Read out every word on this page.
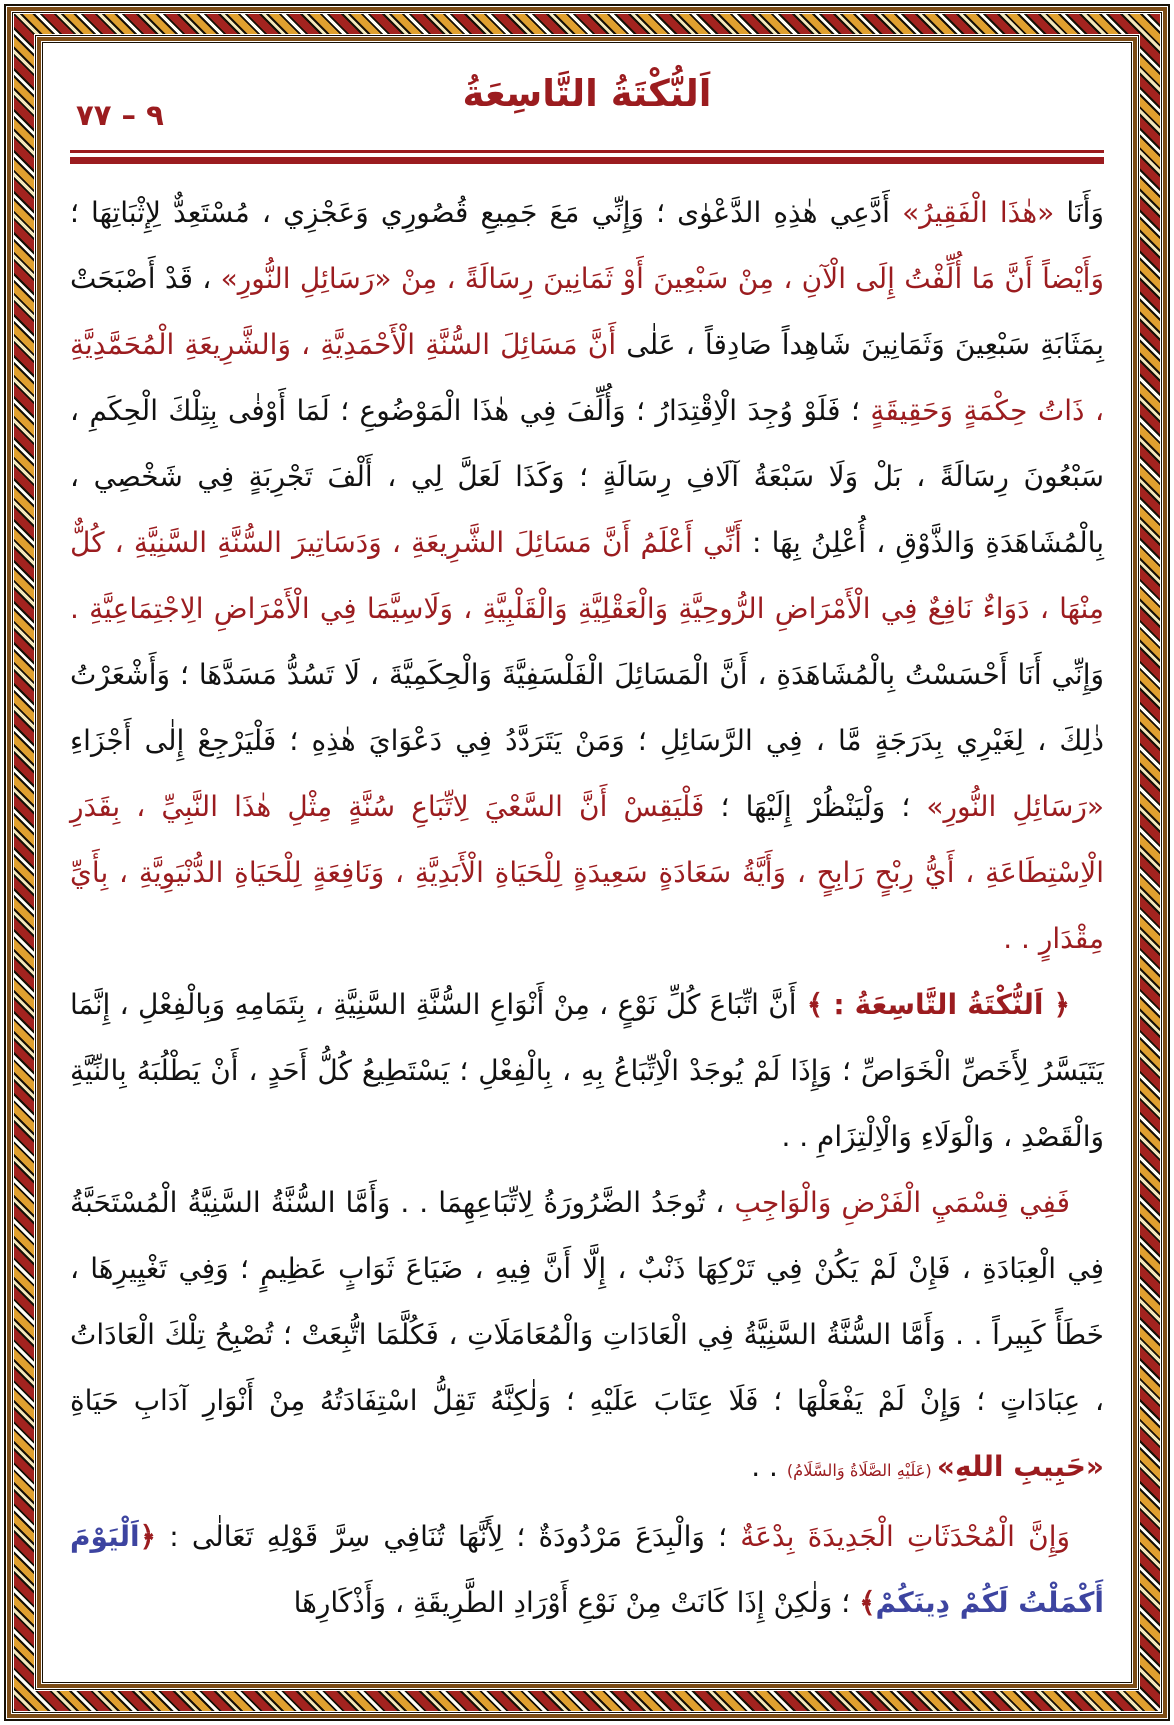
اَلنُّكْتَةُ التَّاسِعَةُ
٩ – ٧٧

وَأَنَا «هٰذَا الْفَقِيرُ» أَدَّعِي هٰذِهِ الدَّعْوٰى ؛ وَإِنِّي مَعَ جَمِيعِ قُصُورِي وَعَجْزِي ، مُسْتَعِدٌّ لِإِثْبَاتِهَا ؛ وَأَيْضاً أَنَّ مَا أُلِّفْتُ إِلَى الْآنِ ، مِنْ سَبْعِينَ أَوْ ثَمَانِينَ رِسَالَةً ، مِنْ «رَسَائِلِ النُّورِ» ، قَدْ أَصْبَحَتْ بِمَثَابَةِ سَبْعِينَ وَثَمَانِينَ شَاهِداً صَادِقاً ، عَلٰى أَنَّ مَسَائِلَ السُّنَّةِ الْأَحْمَدِيَّةِ ، وَالشَّرِيعَةِ الْمُحَمَّدِيَّةِ ، ذَاتُ حِكْمَةٍ وَحَقِيقَةٍ ؛ فَلَوْ وُجِدَ الْاِقْتِدَارُ ؛ وَأُلِّفَ فِي هٰذَا الْمَوْضُوعِ ؛ لَمَا أَوْفٰى بِتِلْكَ الْحِكَمِ ، سَبْعُونَ رِسَالَةً ، بَلْ وَلَا سَبْعَةُ آلَافِ رِسَالَةٍ ؛ وَكَذَا لَعَلَّ لِي ، أَلْفَ تَجْرِبَةٍ فِي شَخْصِي ، بِالْمُشَاهَدَةِ وَالذَّوْقِ ، أُعْلِنُ بِهَا : أَنِّي أَعْلَمُ أَنَّ مَسَائِلَ الشَّرِيعَةِ ، وَدَسَاتِيرَ السُّنَّةِ السَّنِيَّةِ ، كُلٌّ مِنْهَا ، دَوَاءٌ نَافِعٌ فِي الْأَمْرَاضِ الرُّوحِيَّةِ وَالْعَقْلِيَّةِ وَالْقَلْبِيَّةِ ، وَلَاسِيَّمَا فِي الْأَمْرَاضِ الِاجْتِمَاعِيَّةِ . وَإِنِّي أَنَا أَحْسَسْتُ بِالْمُشَاهَدَةِ ، أَنَّ الْمَسَائِلَ الْفَلْسَفِيَّةَ وَالْحِكَمِيَّةَ ، لَا تَسُدُّ مَسَدَّهَا ؛ وَأَشْعَرْتُ ذٰلِكَ ، لِغَيْرِي بِدَرَجَةٍ مَّا ، فِي الرَّسَائِلِ ؛ وَمَنْ يَتَرَدَّدُ فِي دَعْوَايَ هٰذِهِ ؛ فَلْيَرْجِعْ إِلٰى أَجْزَاءِ «رَسَائِلِ النُّورِ» ؛ وَلْيَنْظُرْ إِلَيْهَا ؛ فَلْيَقِسْ أَنَّ السَّعْيَ لِاتِّبَاعِ سُنَّةٍ مِثْلِ هٰذَا النَّبِيِّ ، بِقَدَرِ الْاِسْتِطَاعَةِ ، أَيُّ رِبْحٍ رَابِحٍ ، وَأَيَّةُ سَعَادَةٍ سَعِيدَةٍ لِلْحَيَاةِ الْأَبَدِيَّةِ ، وَنَافِعَةٍ لِلْحَيَاةِ الدُّنْيَوِيَّةِ ، بِأَيِّ مِقْدَارٍ . .

﴿ اَلنُّكْتَةُ التَّاسِعَةُ : ﴾ أَنَّ اتِّبَاعَ كُلِّ نَوْعٍ ، مِنْ أَنْوَاعِ السُّنَّةِ السَّنِيَّةِ ، بِتَمَامِهِ وَبِالْفِعْلِ ، إِنَّمَا يَتَيَسَّرُ لِأَخَصِّ الْخَوَاصِّ ؛ وَإِذَا لَمْ يُوجَدْ الْاِتِّبَاعُ بِهِ ، بِالْفِعْلِ ؛ يَسْتَطِيعُ كُلُّ أَحَدٍ ، أَنْ يَطْلُبَهُ بِالنِّيَّةِ وَالْقَصْدِ ، وَالْوَلَاءِ وَالْاِلْتِزَامِ . .

فَفِي قِسْمَيِ الْفَرْضِ وَالْوَاجِبِ ، تُوجَدُ الضَّرُورَةُ لِاتِّبَاعِهِمَا . . وَأَمَّا السُّنَّةُ السَّنِيَّةُ الْمُسْتَحَبَّةُ فِي الْعِبَادَةِ ، فَإِنْ لَمْ يَكُنْ فِي تَرْكِهَا ذَنْبٌ ، إِلَّا أَنَّ فِيهِ ، ضَيَاعَ ثَوَابٍ عَظِيمٍ ؛ وَفِي تَغْيِيرِهَا ، خَطَأً كَبِيراً . . وَأَمَّا السُّنَّةُ السَّنِيَّةُ فِي الْعَادَاتِ وَالْمُعَامَلَاتِ ، فَكُلَّمَا اتُّبِعَتْ ؛ تُصْبِحُ تِلْكَ الْعَادَاتُ ، عِبَادَاتٍ ؛ وَإِنْ لَمْ يَفْعَلْهَا ؛ فَلَا عِتَابَ عَلَيْهِ ؛ وَلٰكِنَّهُ تَقِلُّ اسْتِفَادَتُهُ مِنْ أَنْوَارِ آدَابِ حَيَاةِ «حَبِيبِ اللهِ» (عَلَيْهِ الصَّلَاةُ وَالسَّلَامُ) . .

وَإِنَّ الْمُحْدَثَاتِ الْجَدِيدَةَ بِدْعَةٌ ؛ وَالْبِدَعَ مَرْدُودَةٌ ؛ لِأَنَّهَا تُنَافِي سِرَّ قَوْلِهِ تَعَالٰى : ﴿اَلْيَوْمَ أَكْمَلْتُ لَكُمْ دِينَكُمْ﴾ ؛ وَلٰكِنْ إِذَا كَانَتْ مِنْ نَوْعِ أَوْرَادِ الطَّرِيقَةِ ، وَأَذْكَارِهَا
